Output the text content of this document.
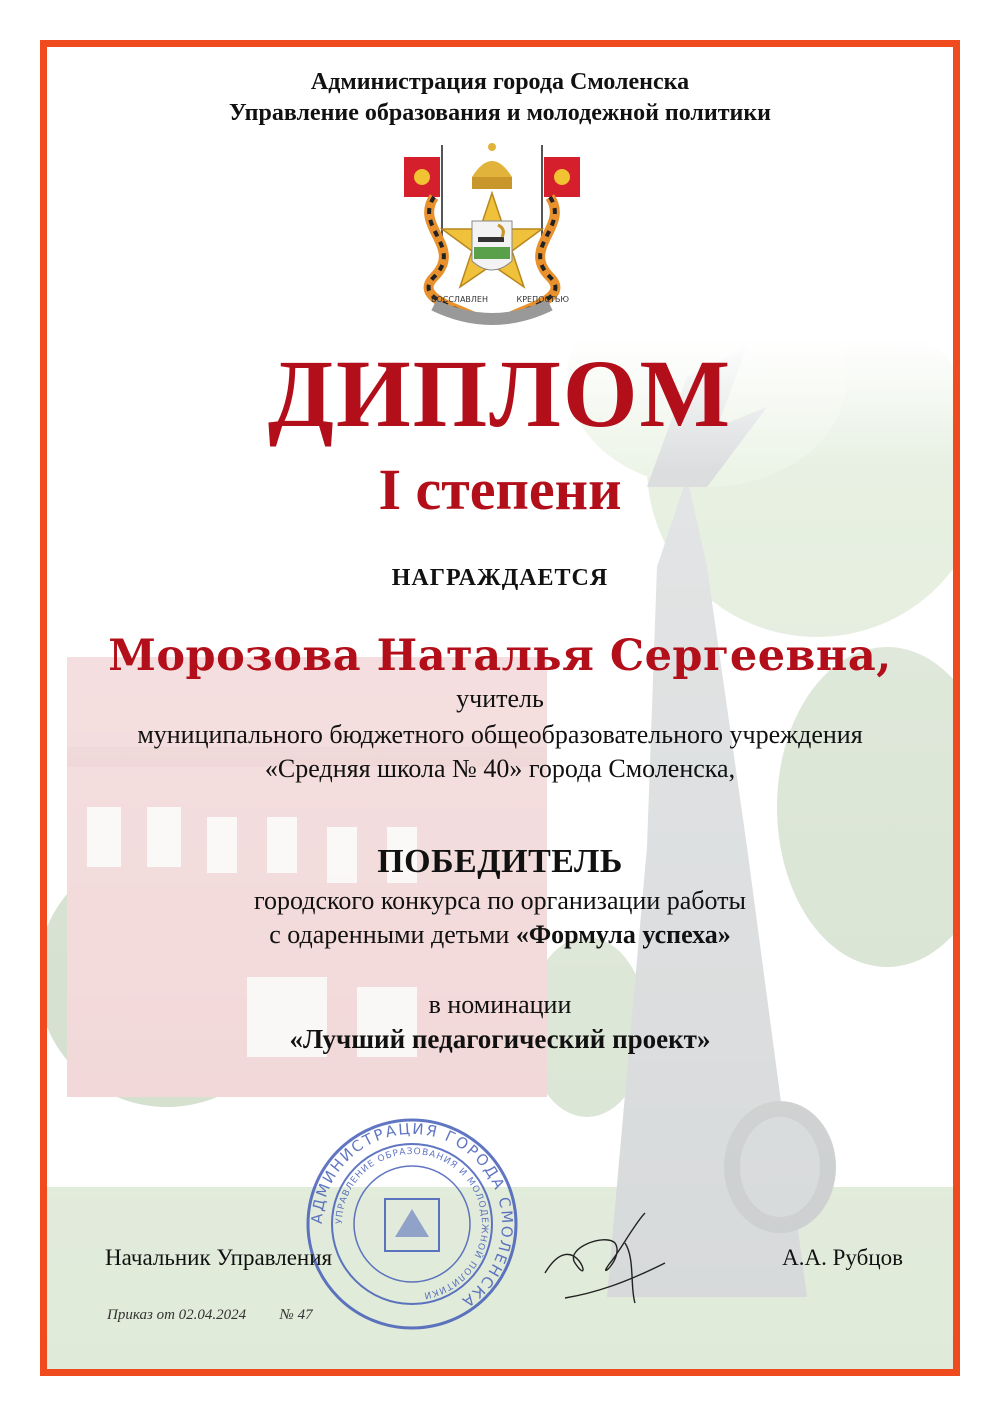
Администрация города Смоленска
Управление образования и молодежной политики
ВОССЛАВЛЕН	КРЕПОСТЬЮ
ДИПЛОМ
I степени
НАГРАЖДАЕТСЯ
Морозова Наталья Сергеевна,
учитель
муниципального бюджетного общеобразовательного учреждения
«Средняя школа № 40» города Смоленска,
ПОБЕДИТЕЛЬ
городского конкурса по организации работы
с одаренными детьми «Формула успеха»
в номинации
«Лучший педагогический проект»
АДМИНИСТРАЦИЯ ГОРОДА СМОЛЕНСКА
УПРАВЛЕНИЕ ОБРАЗОВАНИЯ И МОЛОДЕЖНОЙ ПОЛИТИКИ
Начальник Управления	А.А. Рубцов
Приказ от 02.04.2024 № 47
